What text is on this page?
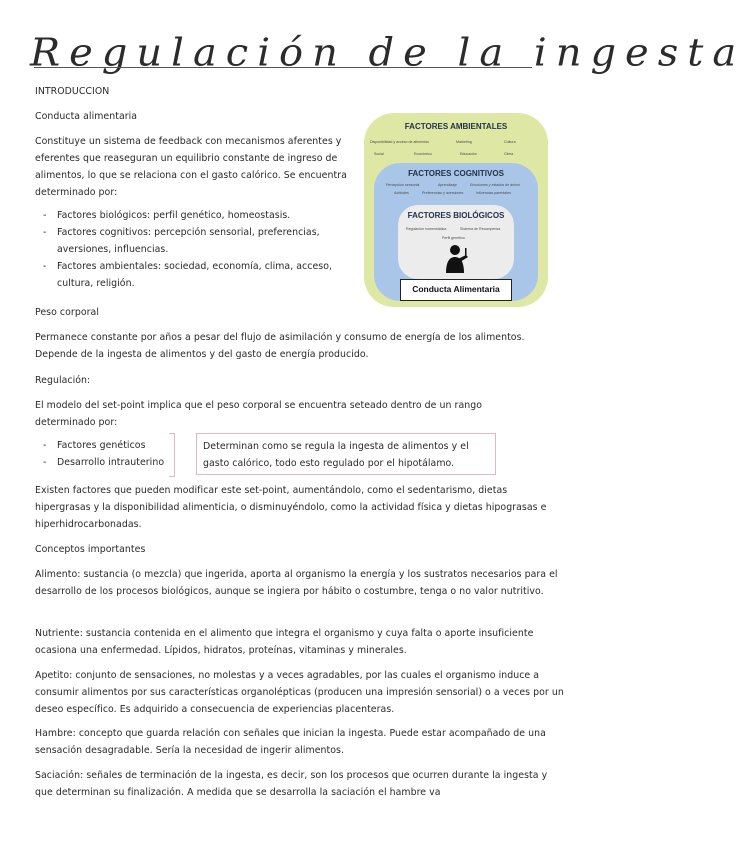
Regulación de la ingesta
INTRODUCCION
Conducta alimentaria
Constituye un sistema de feedback con mecanismos aferentes y eferentes que reaseguran un equilibrio constante de ingreso de alimentos, lo que se relaciona con el gasto calórico. Se encuentra determinado por:
- Factores biológicos: perfil genético, homeostasis.
- Factores cognitivos: percepción sensorial, preferencias, aversiones, influencias.
- Factores ambientales: sociedad, economía, clima, acceso, cultura, religión.
FACTORES AMBIENTALES
Disponibilidad y acceso de alimentos	Marketing	Cultura
Social	Económico	Educación	Clima
FACTORES COGNITIVOS
Percepción sensorial	Aprendizaje	Emociones y estados de ánimo
Actitudes	Preferencias y aversiones	Influencias parentales
FACTORES BIOLÓGICOS
Regulación homeostática	Sistema de Recompensa
Perfil genético
Conducta Alimentaria
Peso corporal
Permanece constante por años a pesar del flujo de asimilación y consumo de energía de los alimentos. Depende de la ingesta de alimentos y del gasto de energía producido.
Regulación:
El modelo del set-point implica que el peso corporal se encuentra seteado dentro de un rango determinado por:
- Factores genéticos
- Desarrollo intrauterino
Determinan como se regula la ingesta de alimentos y el gasto calórico, todo esto regulado por el hipotálamo.
Existen factores que pueden modificar este set-point, aumentándolo, como el sedentarismo, dietas hipergrasas y la disponibilidad alimenticia, o disminuyéndolo, como la actividad física y dietas hipograsas e hiperhidrocarbonadas.
Conceptos importantes
Alimento: sustancia (o mezcla) que ingerida, aporta al organismo la energía y los sustratos necesarios para el desarrollo de los procesos biológicos, aunque se ingiera por hábito o costumbre, tenga o no valor nutritivo.
Nutriente: sustancia contenida en el alimento que integra el organismo y cuya falta o aporte insuficiente ocasiona una enfermedad. Lípidos, hidratos, proteínas, vitaminas y minerales.
Apetito: conjunto de sensaciones, no molestas y a veces agradables, por las cuales el organismo induce a consumir alimentos por sus características organolépticas (producen una impresión sensorial) o a veces por un deseo específico. Es adquirido a consecuencia de experiencias placenteras.
Hambre: concepto que guarda relación con señales que inician la ingesta. Puede estar acompañado de una sensación desagradable. Sería la necesidad de ingerir alimentos.
Saciación: señales de terminación de la ingesta, es decir, son los procesos que ocurren durante la ingesta y que determinan su finalización. A medida que se desarrolla la saciación el hambre va
